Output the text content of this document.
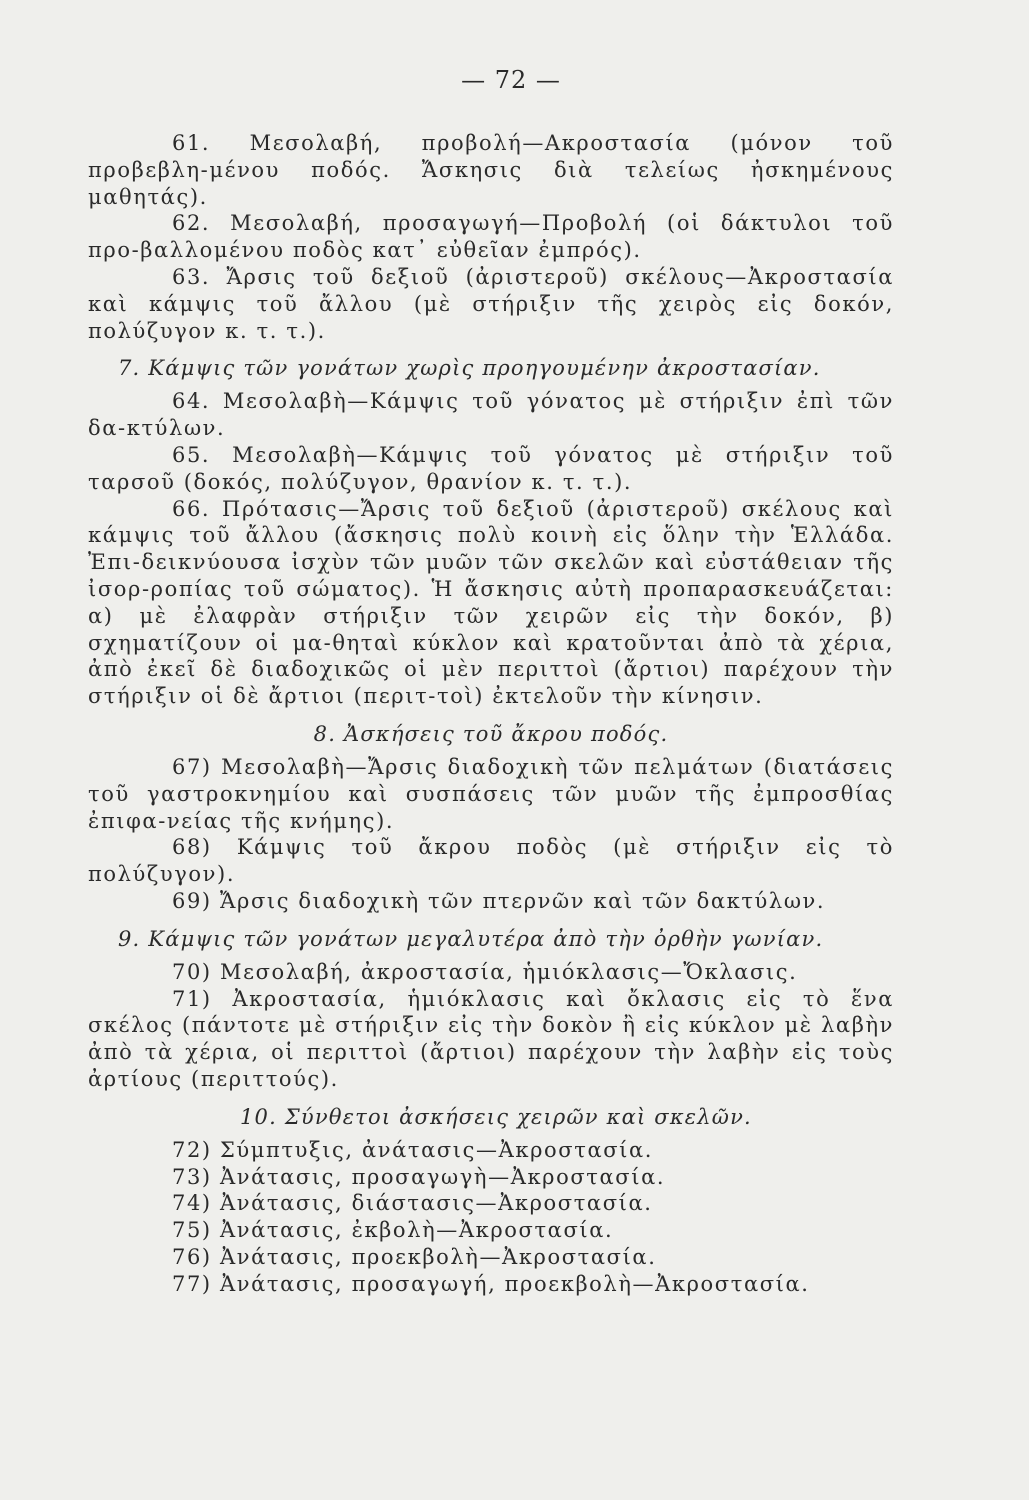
— 72 —

61. Μεσολαβή, προβολή—Ακροστασία (μόνον τοῦ προβεβλη-μένου ποδός. Ἄσκησις διὰ τελείως ἠσκημένους μαθητάς).

62. Μεσολαβή, προσαγωγή—Προβολή (οἱ δάκτυλοι τοῦ προ-βαλλομένου ποδὸς κατ᾽ εὐθεῖαν ἐμπρός).

63. Ἄρσις τοῦ δεξιοῦ (ἀριστεροῦ) σκέλους—Ἀκροστασία καὶ κάμψις τοῦ ἄλλου (μὲ στήριξιν τῆς χειρὸς εἰς δοκόν, πολύζυγον κ. τ. τ.).

7. Κάμψις τῶν γονάτων χωρὶς προηγουμένην ἀκροστασίαν.

64. Μεσολαβὴ—Κάμψις τοῦ γόνατος μὲ στήριξιν ἐπὶ τῶν δα-κτύλων.

65. Μεσολαβὴ—Κάμψις τοῦ γόνατος μὲ στήριξιν τοῦ ταρσοῦ (δοκός, πολύζυγον, θρανίον κ. τ. τ.).

66. Πρότασις—Ἄρσις τοῦ δεξιοῦ (ἀριστεροῦ) σκέλους καὶ κάμψις τοῦ ἄλλου (ἄσκησις πολὺ κοινὴ εἰς ὅλην τὴν Ἑλλάδα. Ἐπι-δεικνύουσα ἰσχὺν τῶν μυῶν τῶν σκελῶν καὶ εὐστάθειαν τῆς ἰσορ-ροπίας τοῦ σώματος). Ἡ ἄσκησις αὐτὴ προπαρασκευάζεται: α) μὲ ἐλαφρὰν στήριξιν τῶν χειρῶν εἰς τὴν δοκόν, β) σχηματίζουν οἱ μα-θηταὶ κύκλον καὶ κρατοῦνται ἀπὸ τὰ χέρια, ἀπὸ ἐκεῖ δὲ διαδοχικῶς οἱ μὲν περιττοὶ (ἄρτιοι) παρέχουν τὴν στήριξιν οἱ δὲ ἄρτιοι (περιτ-τοὶ) ἐκτελοῦν τὴν κίνησιν.

8. Ἀσκήσεις τοῦ ἄκρου ποδός.

67) Μεσολαβὴ—Ἄρσις διαδοχικὴ τῶν πελμάτων (διατάσεις τοῦ γαστροκνημίου καὶ συσπάσεις τῶν μυῶν τῆς ἐμπροσθίας ἐπιφα-νείας τῆς κνήμης).

68) Κάμψις τοῦ ἄκρου ποδὸς (μὲ στήριξιν εἰς τὸ πολύζυγον).

69) Ἄρσις διαδοχικὴ τῶν πτερνῶν καὶ τῶν δακτύλων.

9. Κάμψις τῶν γονάτων μεγαλυτέρα ἀπὸ τὴν ὀρθὴν γωνίαν.

70) Μεσολαβή, ἀκροστασία, ἡμιόκλασις—Ὄκλασις.

71) Ἀκροστασία, ἡμιόκλασις καὶ ὄκλασις εἰς τὸ ἕνα σκέλος (πάντοτε μὲ στήριξιν εἰς τὴν δοκὸν ἢ εἰς κύκλον μὲ λαβὴν ἀπὸ τὰ χέρια, οἱ περιττοὶ (ἄρτιοι) παρέχουν τὴν λαβὴν εἰς τοὺς ἀρτίους (περιττούς).

10. Σύνθετοι ἀσκήσεις χειρῶν καὶ σκελῶν.

72) Σύμπτυξις, ἀνάτασις—Ἀκροστασία.

73) Ἀνάτασις, προσαγωγὴ—Ἀκροστασία.

74) Ἀνάτασις, διάστασις—Ἀκροστασία.

75) Ἀνάτασις, ἐκβολὴ—Ἀκροστασία.

76) Ἀνάτασις, προεκβολὴ—Ἀκροστασία.

77) Ἀνάτασις, προσαγωγή, προεκβολὴ—Ἀκροστασία.
